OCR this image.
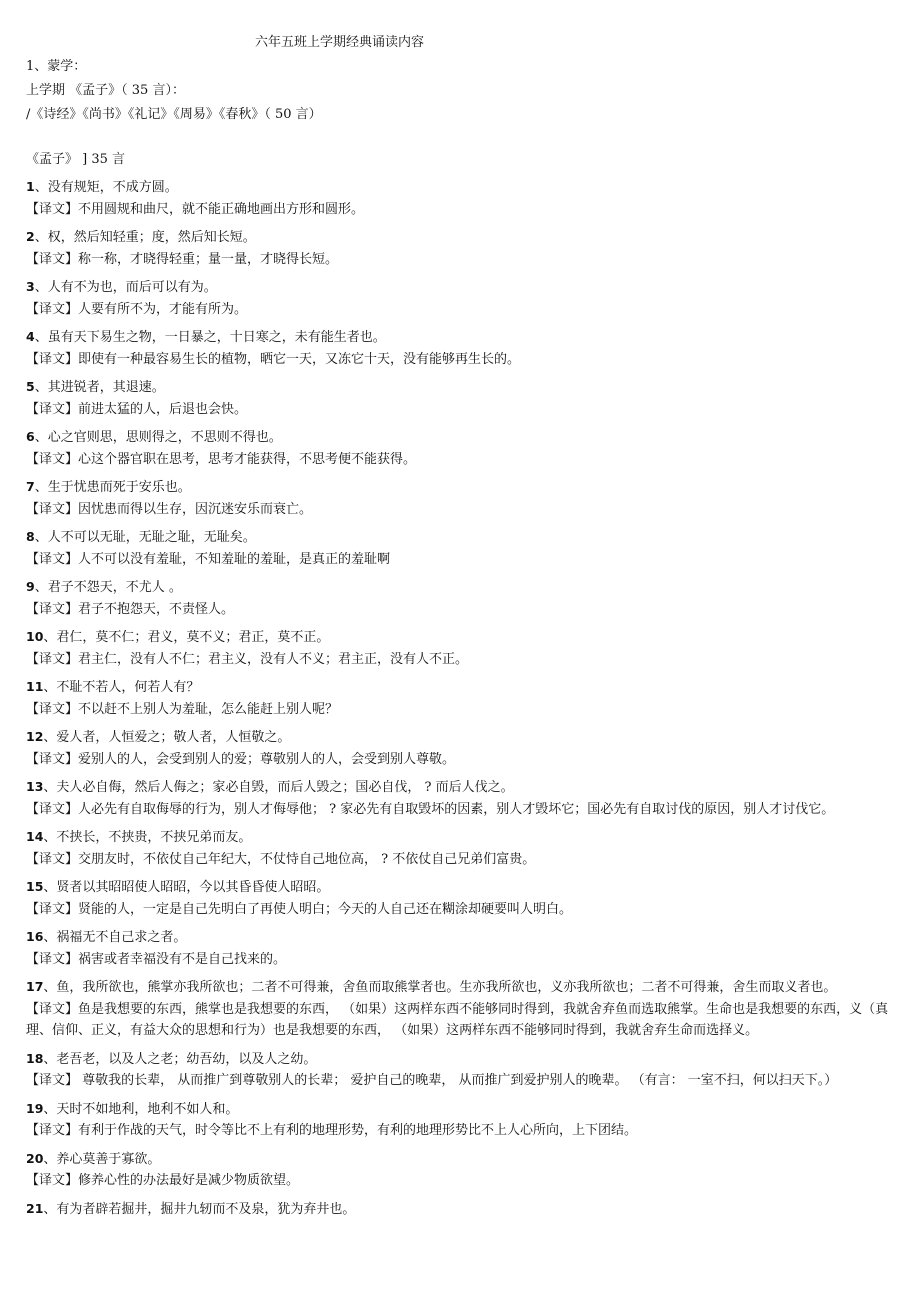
六年五班上学期经典诵读内容
1、蒙学：
上学期 《孟子》（ 35 言）：
/《诗经》《尚书》《礼记》《周易》《春秋》（ 50 言）
《孟子》 ] 35 言
1、没有规矩，不成方圆。
【译文】不用圆规和曲尺，就不能正确地画出方形和圆形。
2、权，然后知轻重；度，然后知长短。
【译文】称一称，才晓得轻重；量一量，才晓得长短。
3、人有不为也，而后可以有为。
【译文】人要有所不为，才能有所为。
4、虽有天下易生之物，一日暴之，十日寒之，未有能生者也。
【译文】即使有一种最容易生长的植物，晒它一天，又冻它十天，没有能够再生长的。
5、其进锐者，其退速。
【译文】前进太猛的人，后退也会快。
6、心之官则思，思则得之，不思则不得也。
【译文】心这个器官职在思考，思考才能获得，不思考便不能获得。
7、生于忧患而死于安乐也。
【译文】因忧患而得以生存，因沉迷安乐而衰亡。
8、人不可以无耻，无耻之耻，无耻矣。
【译文】人不可以没有羞耻，不知羞耻的羞耻，是真正的羞耻啊
9、君子不怨天，不尤人 。
【译文】君子不抱怨天，不责怪人。
10、君仁，莫不仁；君义，莫不义；君正，莫不正。
【译文】君主仁，没有人不仁；君主义，没有人不义；君主正，没有人不正。
11、不耻不若人，何若人有？
【译文】不以赶不上别人为羞耻，怎么能赶上别人呢？
12、爱人者，人恒爱之；敬人者，人恒敬之。
【译文】爱别人的人，会受到别人的爱；尊敬别人的人，会受到别人尊敬。
13、夫人必自侮，然后人侮之；家必自毁，而后人毁之；国必自伐， ? 而后人伐之。
【译文】人必先有自取侮辱的行为，别人才侮辱他； ? 家必先有自取毁坏的因素，别人才毁坏它；国必先有自取讨伐的原因，别人才讨伐它。
14、不挟长，不挟贵，不挟兄弟而友。
【译文】交朋友时，不依仗自己年纪大，不仗恃自己地位高， ? 不依仗自己兄弟们富贵。
15、贤者以其昭昭使人昭昭，今以其昏昏使人昭昭。
【译文】贤能的人，一定是自己先明白了再使人明白；今天的人自己还在糊涂却硬要叫人明白。
16、祸福无不自己求之者。
【译文】祸害或者幸福没有不是自己找来的。
17、鱼，我所欲也，熊掌亦我所欲也；二者不可得兼，舍鱼而取熊掌者也。生亦我所欲也，义亦我所欲也；二者不可得兼，舍生而取义者也。
【译文】鱼是我想要的东西，熊掌也是我想要的东西， （如果）这两样东西不能够同时得到，我就舍弃鱼而选取熊掌。生命也是我想要的东西，义（真理、信仰、正义，有益大众的思想和行为）也是我想要的东西， （如果）这两样东西不能够同时得到，我就舍弃生命而选择义。
18、老吾老，以及人之老；幼吾幼，以及人之幼。
【译文】 尊敬我的长辈， 从而推广到尊敬别人的长辈； 爱护自己的晚辈， 从而推广到爱护别人的晚辈。 （有言： 一室不扫，何以扫天下。）
19、天时不如地利，地利不如人和。
【译文】有利于作战的天气，时令等比不上有利的地理形势，有利的地理形势比不上人心所向，上下团结。
20、养心莫善于寡欲。
【译文】修养心性的办法最好是减少物质欲望。
21、有为者辟若掘井，掘井九轫而不及泉，犹为弃井也。
